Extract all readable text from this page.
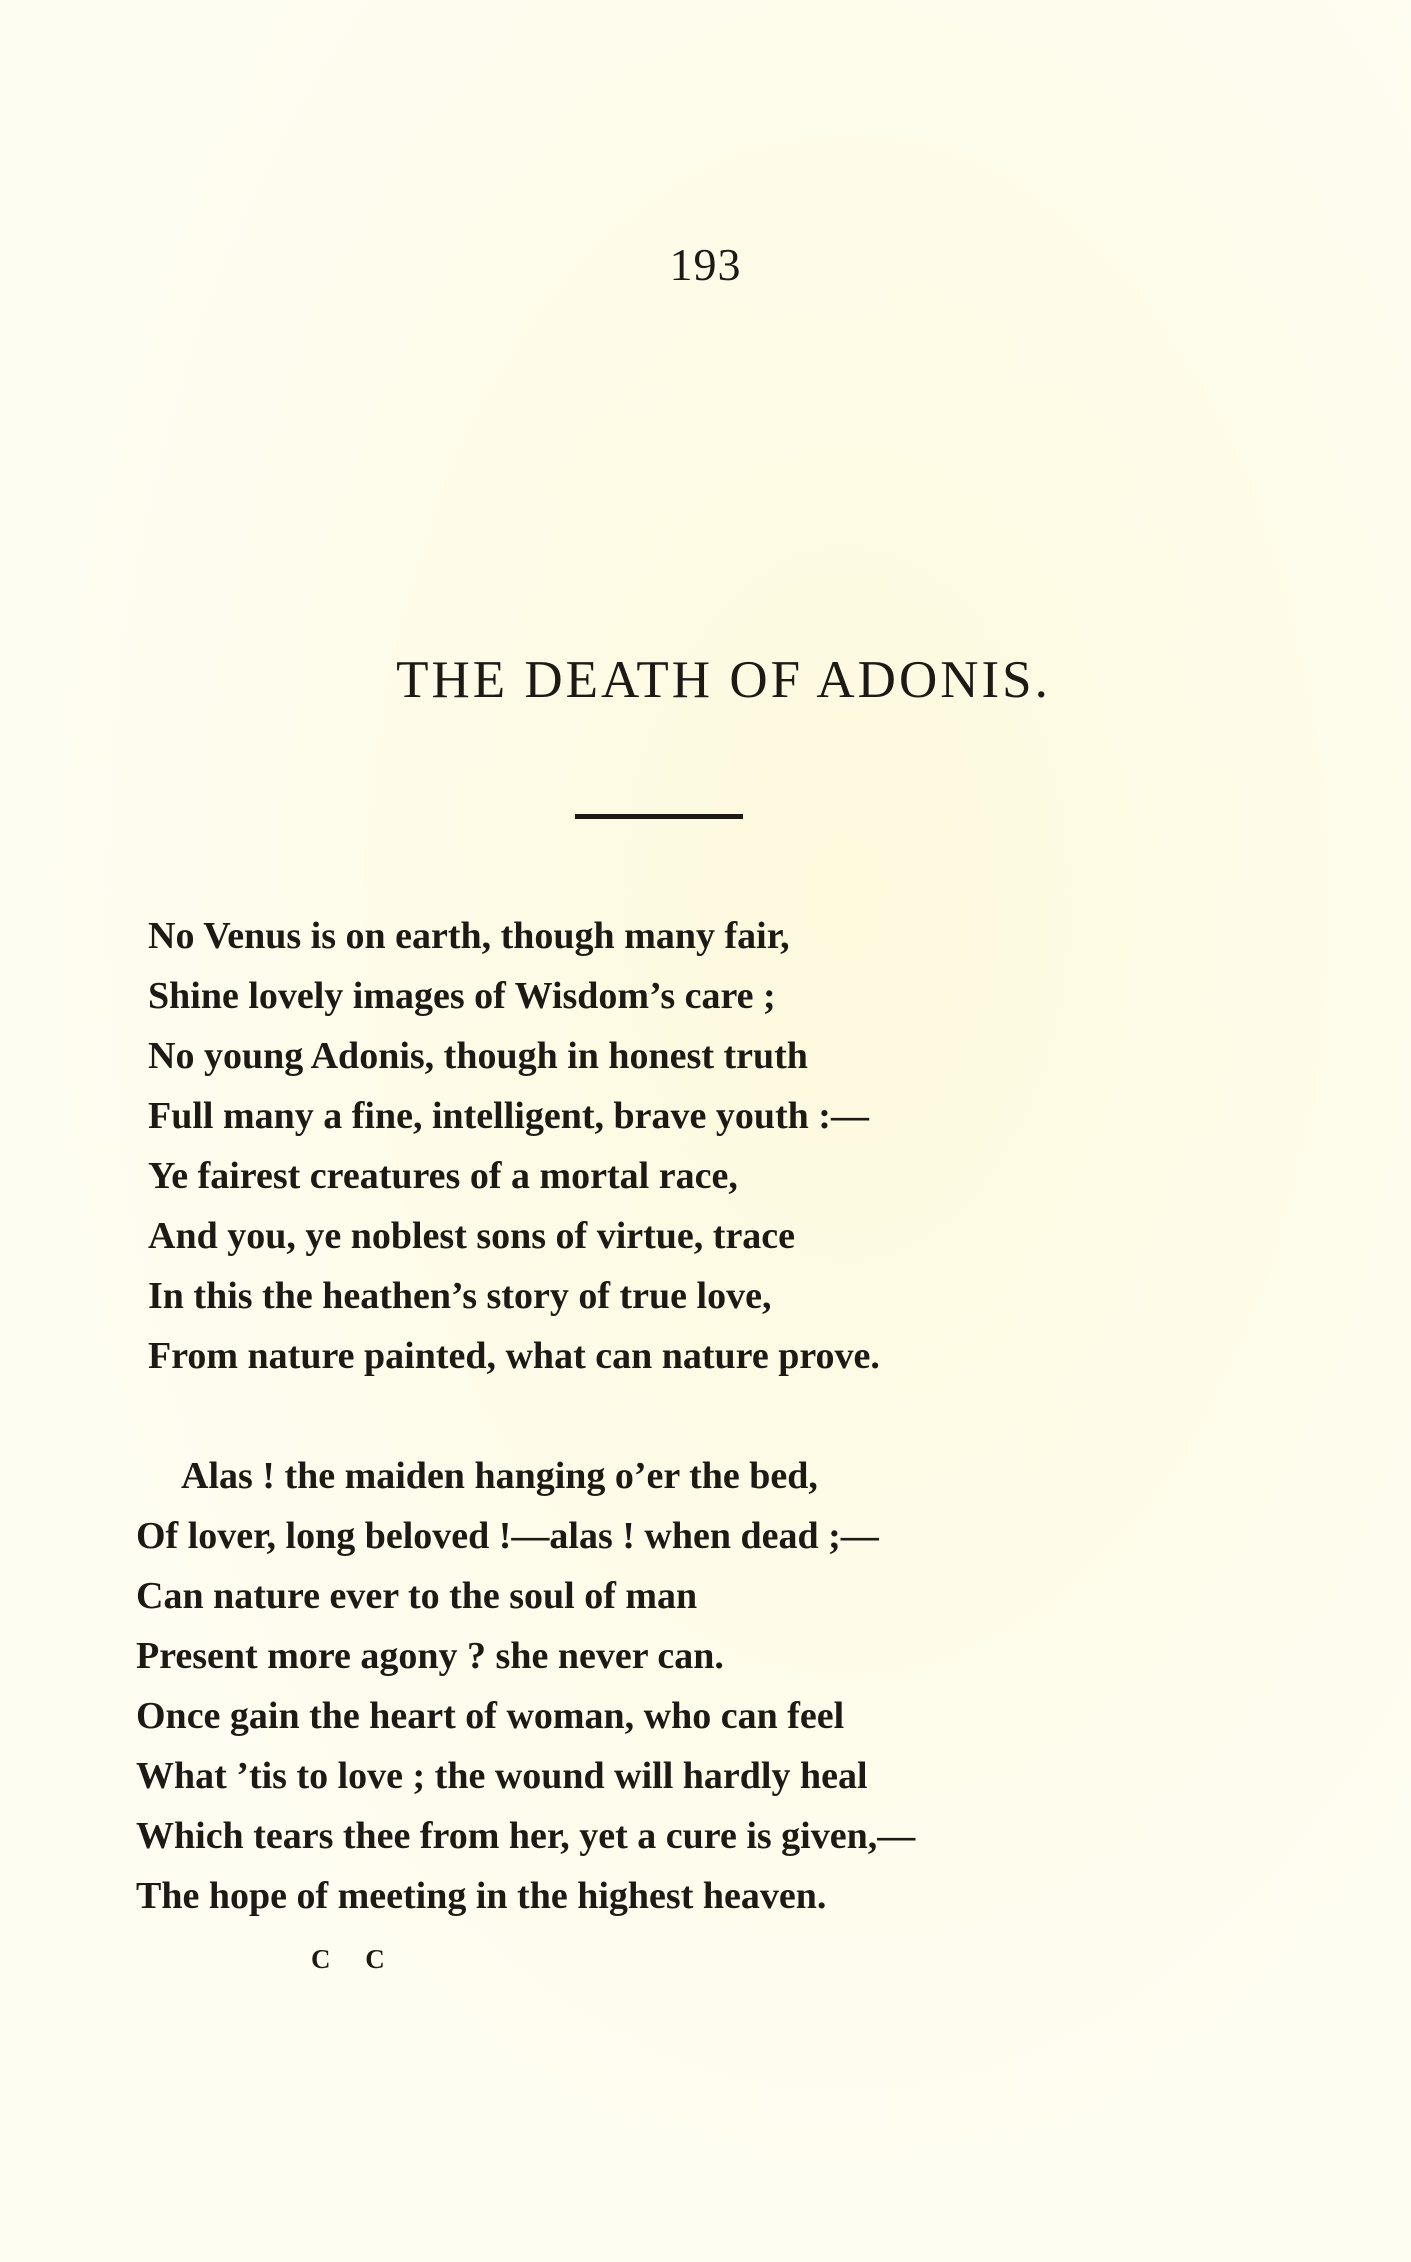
193
THE DEATH OF ADONIS.
No Venus is on earth, though many fair,
Shine lovely images of Wisdom’s care ;
No young Adonis, though in honest truth
Full many a fine, intelligent, brave youth :—
Ye fairest creatures of a mortal race,
And you, ye noblest sons of virtue, trace
In this the heathen’s story of true love,
From nature painted, what can nature prove.
Alas ! the maiden hanging o’er the bed,
Of lover, long beloved !—alas ! when dead ;—
Can nature ever to the soul of man
Present more agony ? she never can.
Once gain the heart of woman, who can feel
What ’tis to love ; the wound will hardly heal
Which tears thee from her, yet a cure is given,—
The hope of meeting in the highest heaven.
C C
